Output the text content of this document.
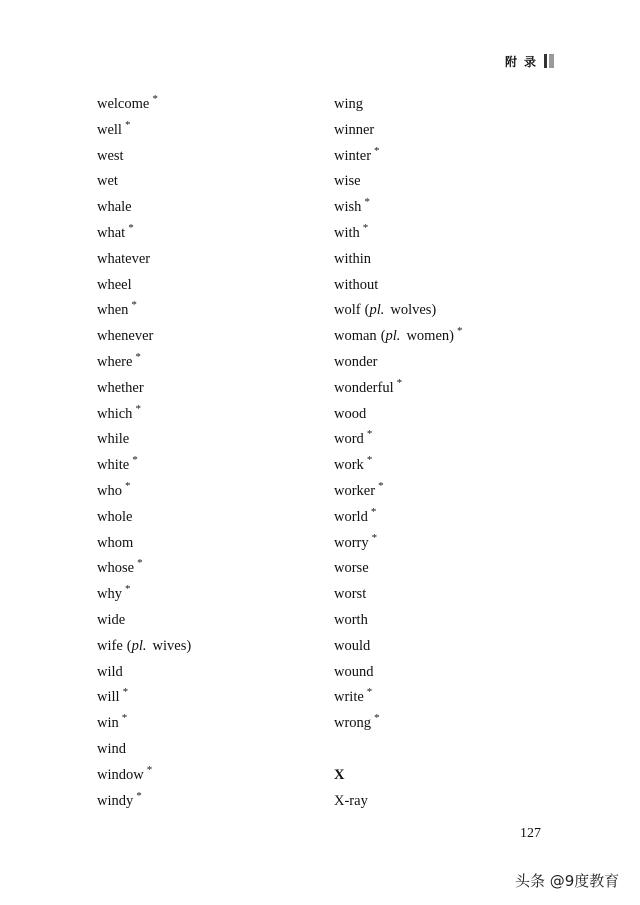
附 录
welcome *
well *
west
wet
whale
what *
whatever
wheel
when *
whenever
where *
whether
which *
while
white *
who *
whole
whom
whose *
why *
wide
wife (pl. wives)
wild
will *
win *
wind
window *
windy *
wing
winner
winter *
wise
wish *
with *
within
without
wolf (pl. wolves)
woman (pl. women) *
wonder
wonderful *
wood
word *
work *
worker *
world *
worry *
worse
worst
worth
would
wound
write *
wrong *
X
X-ray
127
头条 @9度教育
